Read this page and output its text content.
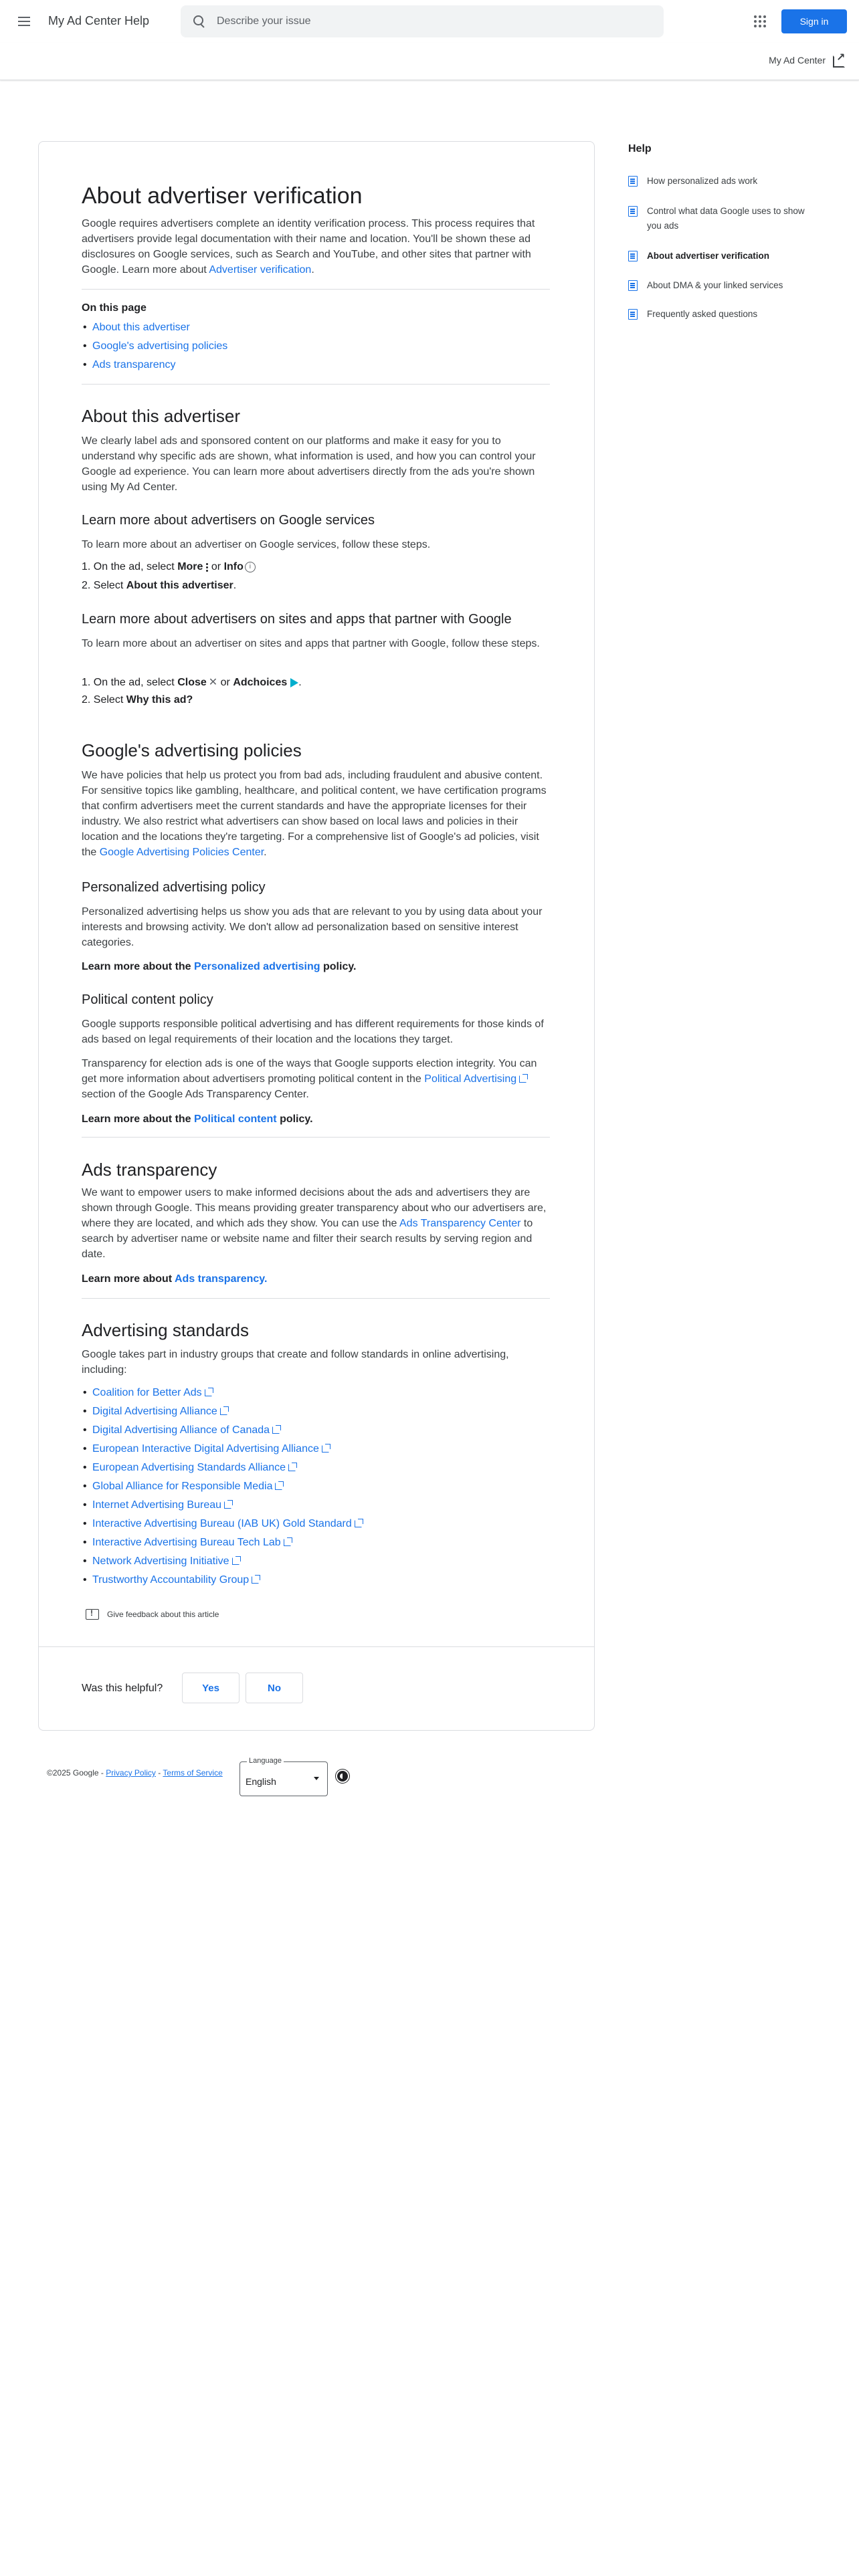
My Ad Center Help
Describe your issue	Sign in
My Ad Center
↗
About advertiser verification

Google requires advertisers complete an identity verification process. This process requires that advertisers provide legal documentation with their name and location. You'll be shown these ad disclosures on Google services, such as Search and YouTube, and other sites that partner with Google. Learn more about Advertiser verification.

On this page
About this advertiser
Google's advertising policies
Ads transparency
About this advertiser

We clearly label ads and sponsored content on our platforms and make it easy for you to understand why specific ads are shown, what information is used, and how you can control your Google ad experience. You can learn more about advertisers directly from the ads you're shown using My Ad Center.

Learn more about advertisers on Google services

To learn more about an advertiser on Google services, follow these steps.

1. On the ad, select More or Info i
2. Select About this advertiser.
Learn more about advertisers on sites and apps that partner with Google

To learn more about an advertiser on sites and apps that partner with Google, follow these steps.

1. On the ad, select Close ✕ or Adchoices .
2. Select Why this ad?
Google's advertising policies

We have policies that help us protect you from bad ads, including fraudulent and abusive content. For sensitive topics like gambling, healthcare, and political content, we have certification programs that confirm advertisers meet the current standards and have the appropriate licenses for their industry. We also restrict what advertisers can show based on local laws and policies in their location and the locations they're targeting. For a comprehensive list of Google's ad policies, visit the Google Advertising Policies Center.

Personalized advertising policy

Personalized advertising helps us show you ads that are relevant to you by using data about your interests and browsing activity. We don't allow ad personalization based on sensitive interest categories.

Learn more about the Personalized advertising policy.
Political content policy

Google supports responsible political advertising and has different requirements for those kinds of ads based on legal requirements of their location and the locations they target.

Transparency for election ads is one of the ways that Google supports election integrity. You can get more information about advertisers promoting political content in the Political Advertising section of the Google Ads Transparency Center.

Learn more about the Political content policy.
Ads transparency

We want to empower users to make informed decisions about the ads and advertisers they are shown through Google. This means providing greater transparency about who our advertisers are, where they are located, and which ads they show. You can use the Ads Transparency Center to search by advertiser name or website name and filter their search results by serving region and date.

Learn more about Ads transparency.
Advertising standards

Google takes part in industry groups that create and follow standards in online advertising, including:

Coalition for Better Ads
Digital Advertising Alliance
Digital Advertising Alliance of Canada
European Interactive Digital Advertising Alliance
European Advertising Standards Alliance
Global Alliance for Responsible Media
Internet Advertising Bureau
Interactive Advertising Bureau (IAB UK) Gold Standard
Interactive Advertising Bureau Tech Lab
Network Advertising Initiative
Trustworthy Accountability Group
!
Give feedback about this article
Was this helpful?	Yes	No
Help
How personalized ads work
Control what data Google uses to show you ads
About advertiser verification
About DMA & your linked services
Frequently asked questions
©2025 Google - Privacy Policy - Terms of Service
Language
English
